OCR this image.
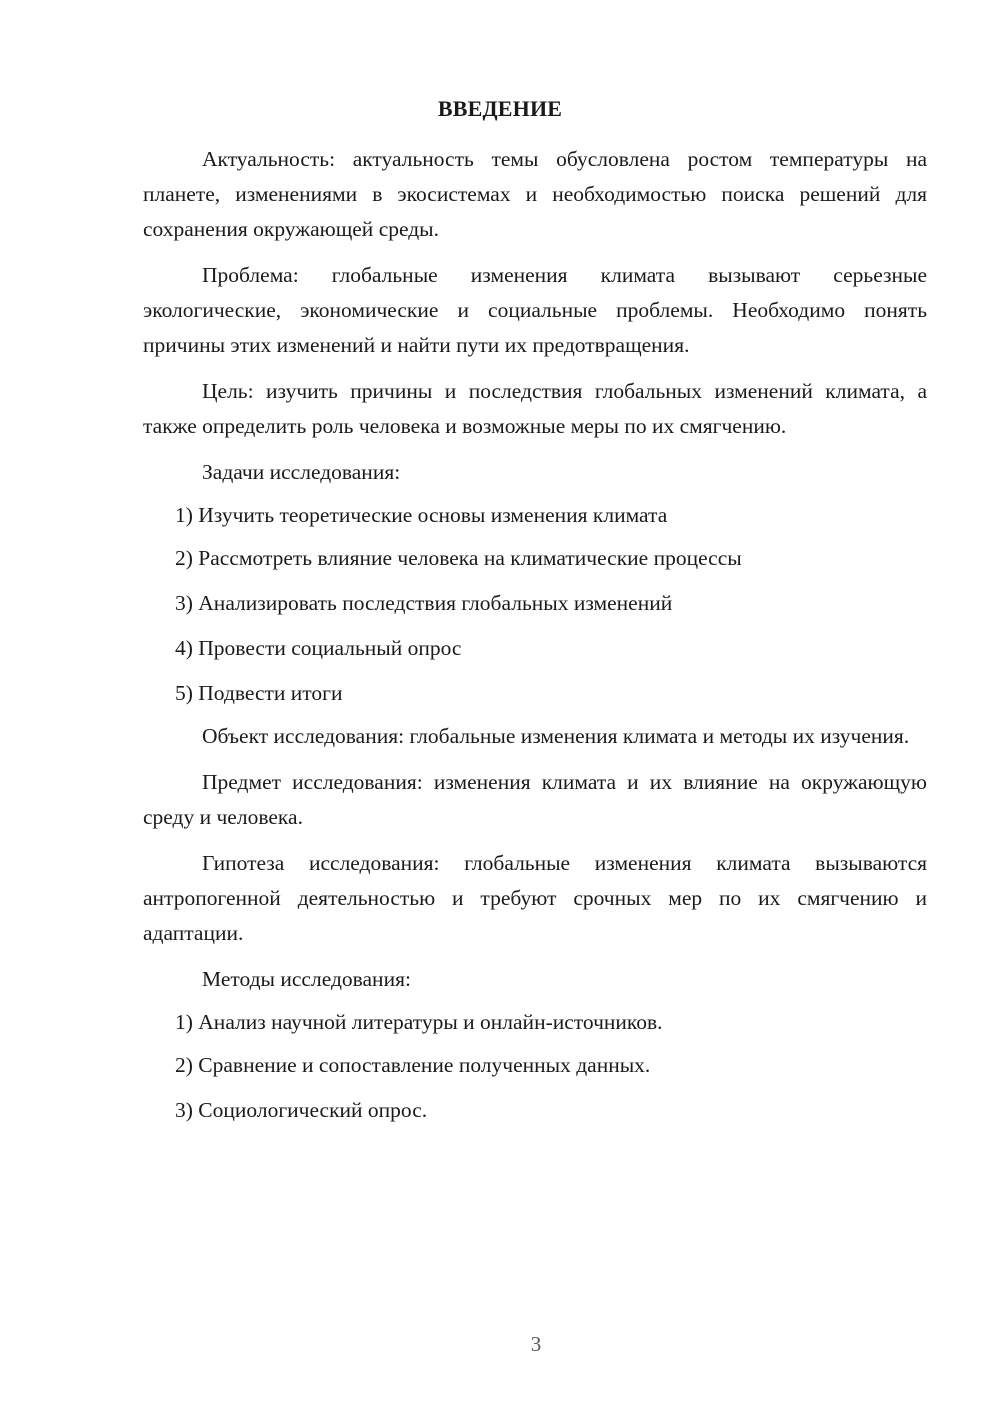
ВВЕДЕНИЕ

Актуальность: актуальность темы обусловлена ростом температуры на планете, изменениями в экосистемах и необходимостью поиска решений для сохранения окружающей среды.

Проблема: глобальные изменения климата вызывают серьезные экологические, экономические и социальные проблемы. Необходимо понять причины этих изменений и найти пути их предотвращения.

Цель: изучить причины и последствия глобальных изменений климата, а также определить роль человека и возможные меры по их смягчению.

Задачи исследования:

1) Изучить теоретические основы изменения климата
2) Рассмотреть влияние человека на климатические процессы
3) Анализировать последствия глобальных изменений
4) Провести социальный опрос
5) Подвести итоги

Объект исследования: глобальные изменения климата и методы их изучения.

Предмет исследования: изменения климата и их влияние на окружающую среду и человека.

Гипотеза исследования: глобальные изменения климата вызываются антропогенной деятельностью и требуют срочных мер по их смягчению и адаптации.

Методы исследования:

1) Анализ научной литературы и онлайн-источников.
2) Сравнение и сопоставление полученных данных.
3) Социологический опрос.
3
